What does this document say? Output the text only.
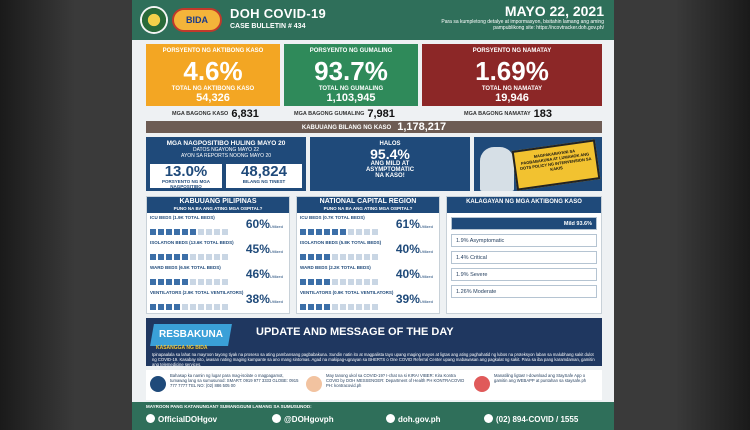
BIDA	DOH COVID-19
CASE BULLETIN # 434
MAYO 22, 2021
Para sa kumpletong detalye at impormasyon, bisitahin lamang ang aming pampublikong site: https://ncovtracker.doh.gov.ph/
PORSYENTO NG AKTIBONG KASO
4.6%
TOTAL NG AKTIBONG KASO
54,326
PORSYENTO NG GUMALING
93.7%
TOTAL NG GUMALING
1,103,945
PORSYENTO NG NAMATAY
1.69%
TOTAL NG NAMATAY
19,946
MGA BAGONG KASO 6,831	MGA BAGONG GUMALING 7,981	MGA BAGONG NAMATAY 183
KABUUANG BILANG NG KASO 1,178,217
MGA NAGPOSITIBO HULING MAYO 20
DATOS NGAYONG MAYO 22
AYON SA REPORTS NOONG MAYO 20
13.0%
PORSYENTO NG MGA NAGPOSITIBO
48,824
BILANG NG TINEST
HALOS
95.4%
ANG MILD AT
ASYMPTOMATIC
NA KASO!
MAGPAKABAYANI SA PAGBABAKUNA AT LUMAHOK ANG DOTS POLICY NG INTERVENSION SA KAKIS
KABUUANG PILIPINAS
PUNO NA BA ANG ATING MGA OSPITAL?
ICU BEDS (1.9K TOTAL BEDS)	60%Utilized
ISOLATION BEDS (13.6K TOTAL BEDS) 45%Utilized
WARD BEDS (6.5K TOTAL BEDS) 46%Utilized
VENTILATORS (2.9K TOTAL VENTILATORS) 38%Utilized
NATIONAL CAPITAL REGION
PUNO NA BA ANG ATING MGA OSPITAL?
ICU BEDS (0.7K TOTAL BEDS)	61%Utilized
ISOLATION BEDS (5.8K TOTAL BEDS) 40%Utilized
WARD BEDS (2.2K TOTAL BEDS) 40%Utilized
VENTILATORS (0.9K TOTAL VENTILATORS) 39%Utilized
KALAGAYAN NG MGA AKTIBONG KASO
Mild 93.6%
1.9% Asymptomatic
1.4% Critical
1.9% Severe
1.26% Moderate
RESBAKUNA
KASANGGA NG BIDA
UPDATE AND MESSAGE OF THE DAY
Ipinapaalala sa lahat na mayroon tayong tiyak na proseso sa ating pambansang pagbabakuna. Sundin natin ito at magpalista tayo upang maging mayos at ligtas ang ating paghahatid ng lubos na proteksyon laban sa malubhang sakit dulot ng COVID-19. Kasabay nito, iwasan nating maging kampante sa ano mang sintomas. Agad na makipag-ugnayan sa BHERTS o One COVID Referral Center upang mabawasan ang pagkalat ng sakit. Para sa iba pang karamdaman, gamitin ang telemedicine services.
Bahasap ka namin ng lugar para mag-isolate o magpagamot, tumawag lang sa sumusunod: SMART: 0919 977 3333 GLOBE: 0915 777 7777 TEL NO: (02) 886 505 00
May tanong ukol sa COVID-19? I-chat na si KIRA! VIBER: Kira Kontra COVID by DOH MESSENGER: Department of Health PH KONTRACOVID PH: kontracovid.ph
Manatiling ligtas! I-download ang StaySafe App o gamitin ang WEBAPP at puntahan sa staysafe.ph
MAYROON PANG KATANUNGAN? SUMANGGUNI LAMANG SA SUMUSUNOD:
OfficialDOHgov	@DOHgovph	doh.gov.ph	(02) 894-COVID / 1555
